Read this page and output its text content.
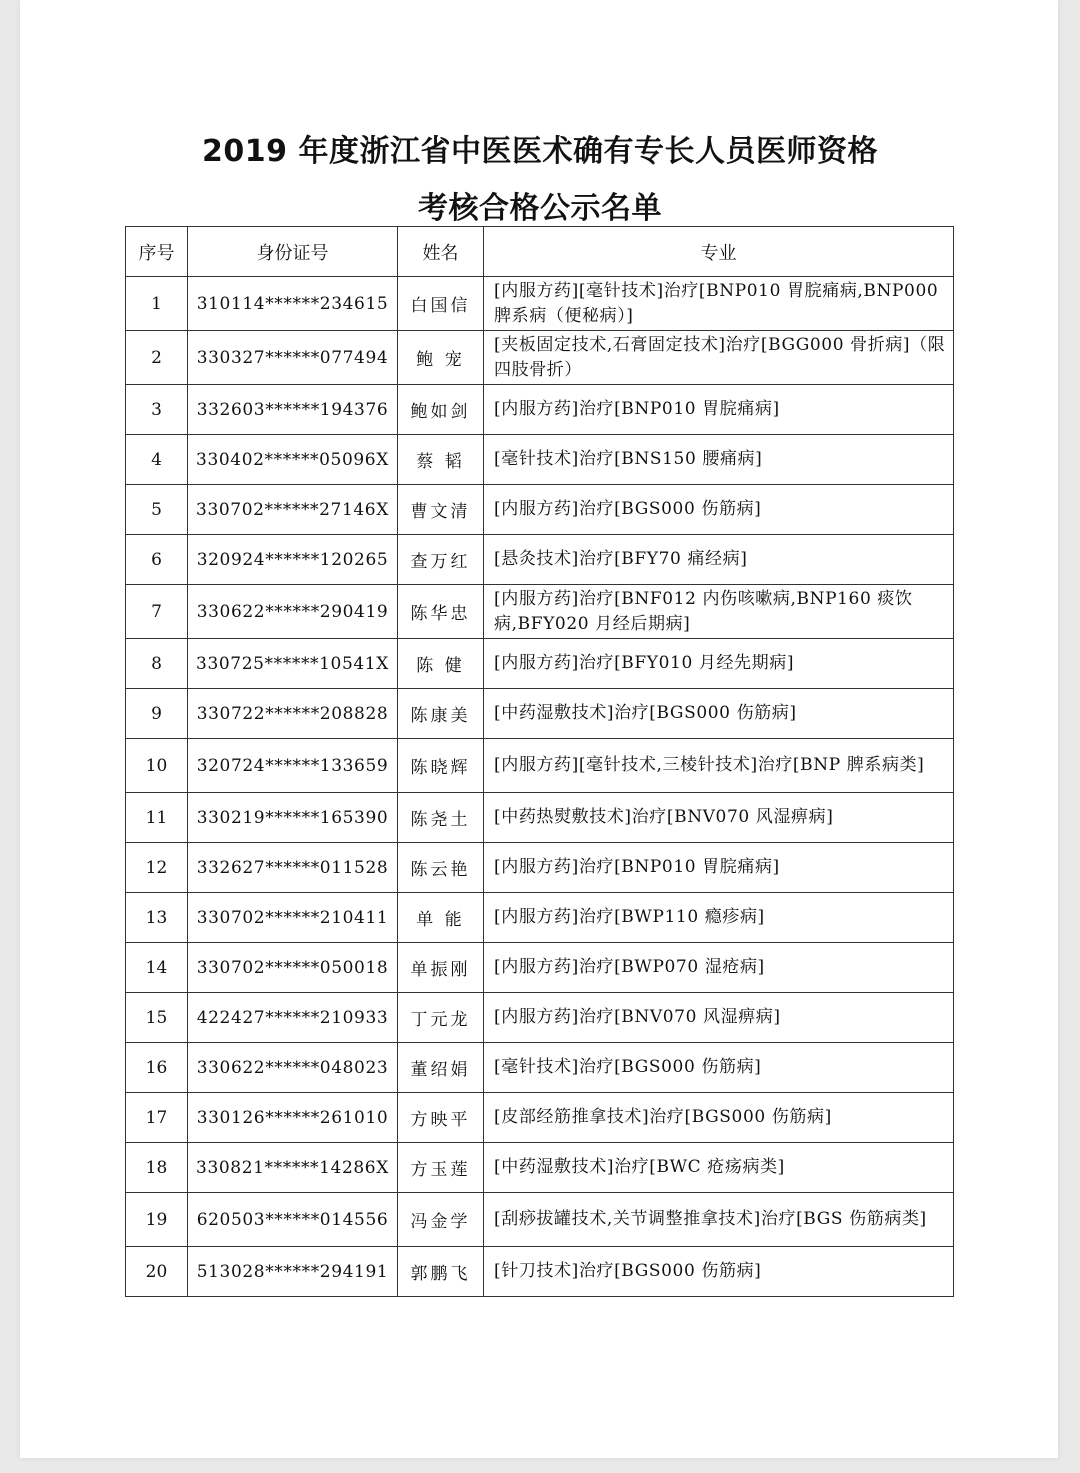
2019 年度浙江省中医医术确有专长人员医师资格
考核合格公示名单
序号	身份证号	姓名	专业
1	310114******234615	白国信	[内服方药][毫针技术]治疗[BNP010 胃脘痛病,BNP000 脾系病（便秘病）]
2	330327******077494	鲍 宠	[夹板固定技术,石膏固定技术]治疗[BGG000 骨折病]（限四肢骨折）
3	332603******194376	鲍如剑	[内服方药]治疗[BNP010 胃脘痛病]
4	330402******05096X	蔡 韬	[毫针技术]治疗[BNS150 腰痛病]
5	330702******27146X	曹文清	[内服方药]治疗[BGS000 伤筋病]
6	320924******120265	查万红	[悬灸技术]治疗[BFY70 痛经病]
7	330622******290419	陈华忠	[内服方药]治疗[BNF012 内伤咳嗽病,BNP160 痰饮病,BFY020 月经后期病]
8	330725******10541X	陈 健	[内服方药]治疗[BFY010 月经先期病]
9	330722******208828	陈康美	[中药湿敷技术]治疗[BGS000 伤筋病]
10	320724******133659	陈晓辉	[内服方药][毫针技术,三棱针技术]治疗[BNP 脾系病类]
11	330219******165390	陈尧土	[中药热熨敷技术]治疗[BNV070 风湿痹病]
12	332627******011528	陈云艳	[内服方药]治疗[BNP010 胃脘痛病]
13	330702******210411	单 能	[内服方药]治疗[BWP110 瘾疹病]
14	330702******050018	单振刚	[内服方药]治疗[BWP070 湿疮病]
15	422427******210933	丁元龙	[内服方药]治疗[BNV070 风湿痹病]
16	330622******048023	董绍娟	[毫针技术]治疗[BGS000 伤筋病]
17	330126******261010	方映平	[皮部经筋推拿技术]治疗[BGS000 伤筋病]
18	330821******14286X	方玉莲	[中药湿敷技术]治疗[BWC 疮疡病类]
19	620503******014556	冯金学	[刮痧拔罐技术,关节调整推拿技术]治疗[BGS 伤筋病类]
20	513028******294191	郭鹏飞	[针刀技术]治疗[BGS000 伤筋病]
